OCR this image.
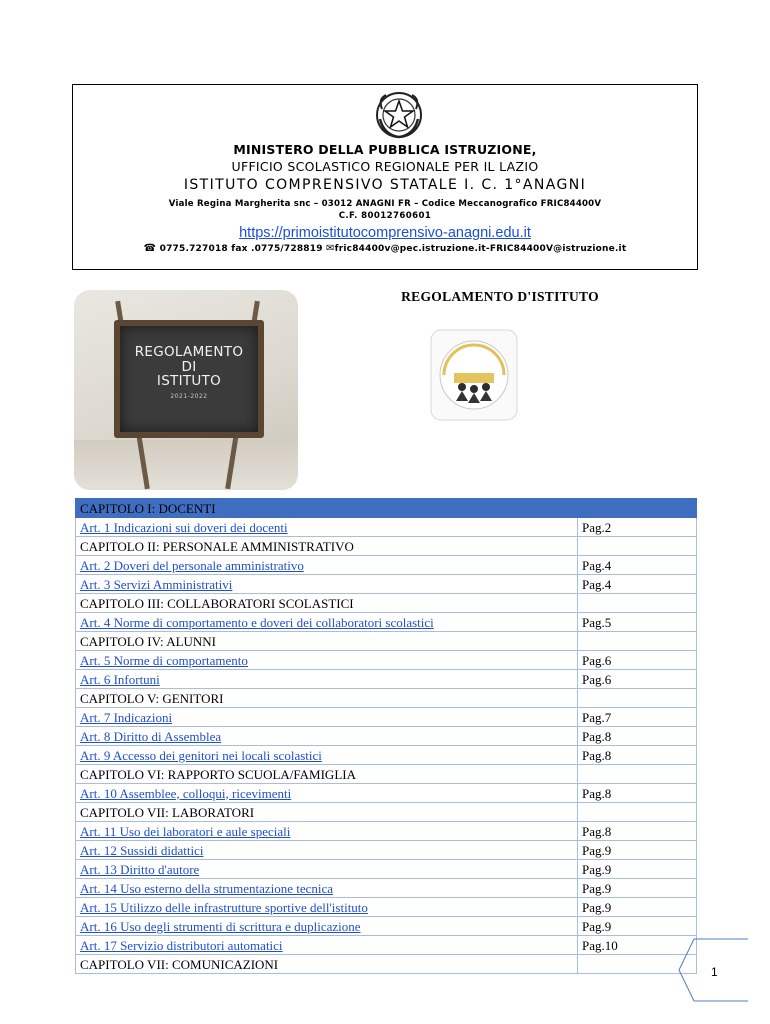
MINISTERO DELLA PUBBLICA ISTRUZIONE,
UFFICIO SCOLASTICO REGIONALE PER IL LAZIO
ISTITUTO COMPRENSIVO STATALE I. C. 1°ANAGNI
Viale Regina Margherita snc – 03012 ANAGNI FR – Codice Meccanografico FRIC84400V
C.F. 80012760601
https://primoistitutocomprensivo-anagni.edu.it
☎ 0775.727018 fax .0775/728819 ✉fric84400v@pec.istruzione.it-FRIC84400V@istruzione.it
REGOLAMENTO
DI
ISTITUTO
2021-2022
REGOLAMENTO D'ISTITUTO
CAPITOLO I: DOCENTI	
Art. 1 Indicazioni sui doveri dei docenti	Pag.2
CAPITOLO II: PERSONALE AMMINISTRATIVO	
Art. 2 Doveri del personale amministrativo	Pag.4
Art. 3 Servizi Amministrativi	Pag.4
CAPITOLO III: COLLABORATORI SCOLASTICI	
Art. 4 Norme di comportamento e doveri dei collaboratori scolastici	Pag.5
CAPITOLO IV: ALUNNI	
Art. 5 Norme di comportamento	Pag.6
Art. 6 Infortuni	Pag.6
CAPITOLO V: GENITORI	
Art. 7 Indicazioni	Pag.7
Art. 8 Diritto di Assemblea	Pag.8
Art. 9 Accesso dei genitori nei locali scolastici	Pag.8
CAPITOLO VI: RAPPORTO SCUOLA/FAMIGLIA	
Art. 10 Assemblee, colloqui, ricevimenti	Pag.8
CAPITOLO VII: LABORATORI	
Art. 11 Uso dei laboratori e aule speciali	Pag.8
Art. 12 Sussidi didattici	Pag.9
Art. 13 Diritto d'autore	Pag.9
Art. 14 Uso esterno della strumentazione tecnica	Pag.9
Art. 15 Utilizzo delle infrastrutture sportive dell'istituto	Pag.9
Art. 16 Uso degli strumenti di scrittura e duplicazione	Pag.9
Art. 17 Servizio distributori automatici	Pag.10
CAPITOLO VII: COMUNICAZIONI	
1
